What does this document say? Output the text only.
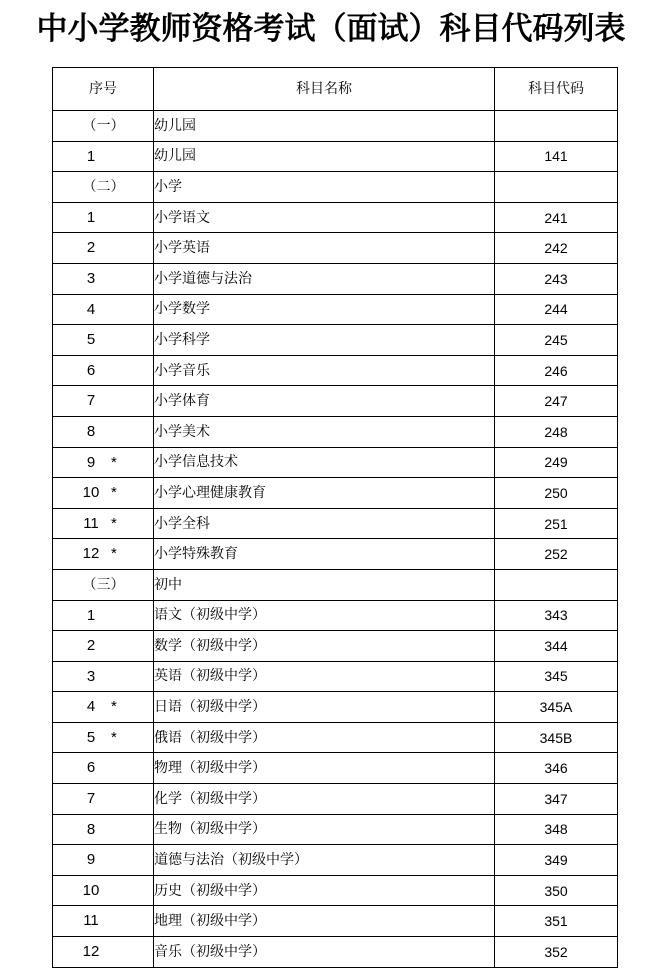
中小学教师资格考试（面试）科目代码列表
序号	科目名称	科目代码

（一）	幼儿园	

1	幼儿园	141

（二）	小学	

1	小学语文	241

2	小学英语	242

3	小学道德与法治	243

4	小学数学	244

5	小学科学	245

6	小学音乐	246

7	小学体育	247

8	小学美术	248

9 *	小学信息技术	249

10 *	小学心理健康教育	250

11 *	小学全科	251

12 *	小学特殊教育	252

（三）	初中	

1	语文（初级中学）	343

2	数学（初级中学）	344

3	英语（初级中学）	345

4 *	日语（初级中学）	345A

5 *	俄语（初级中学）	345B

6	物理（初级中学）	346

7	化学（初级中学）	347

8	生物（初级中学）	348

9	道德与法治（初级中学）	349

10	历史（初级中学）	350

11	地理（初级中学）	351

12	音乐（初级中学）	352
